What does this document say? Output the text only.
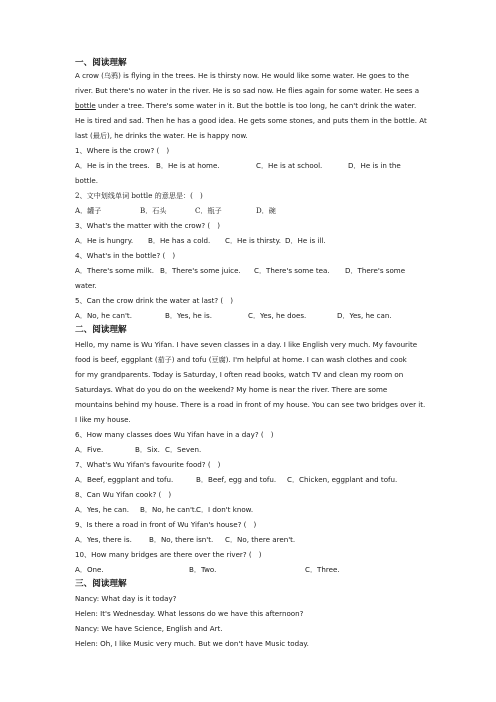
一、阅读理解
A crow (乌鸦) is flying in the trees. He is thirsty now. He would like some water. He goes to the
river. But there's no water in the river. He is so sad now. He flies again for some water. He sees a
bottle under a tree. There's some water in it. But the bottle is too long, he can't drink the water.
He is tired and sad. Then he has a good idea. He gets some stones, and puts them in the bottle. At
last (最后), he drinks the water. He is happy now.
1、Where is the crow? (　)
A．He is in the trees. B．He is at home.	C．He is at school.	D．He is in the
bottle.
2、文中划线单词 bottle 的意思是：(　)
A．罐子	B．石头	C．瓶子	D．碗
3、What's the matter with the crow? (　)
A．He is hungry. B．He has a cold. C．He is thirsty. D．He is ill.
4、What's in the bottle? (　)
A．There's some milk. B．There's some juice. C．There's some tea. D．There's some
water.
5、Can the crow drink the water at last? (　)
A．No, he can't.	B．Yes, he is.	C．Yes, he does.	D．Yes, he can.
二、阅读理解
Hello, my name is Wu Yifan. I have seven classes in a day. I like English very much. My favourite
food is beef, eggplant (茄子) and tofu (豆腐). I'm helpful at home. I can wash clothes and cook
for my grandparents. Today is Saturday, I often read books, watch TV and clean my room on
Saturdays. What do you do on the weekend? My home is near the river. There are some
mountains behind my house. There is a road in front of my house. You can see two bridges over it.
I like my house.
6、How many classes does Wu Yifan have in a day? (　)
A．Five.	B．Six. C．Seven.
7、What's Wu Yifan's favourite food? (　)
A．Beef, eggplant and tofu.	B．Beef, egg and tofu. C．Chicken, eggplant and tofu.
8、Can Wu Yifan cook? (　)
A．Yes, he can. B．No, he can't. C．I don't know.
9、Is there a road in front of Wu Yifan's house? (　)
A．Yes, there is. B．No, there isn't. C．No, there aren't.
10、How many bridges are there over the river? (　)
A．One.	B．Two.	C．Three.
三、阅读理解
Nancy: What day is it today?
Helen: It's Wednesday. What lessons do we have this afternoon?
Nancy: We have Science, English and Art.
Helen: Oh, I like Music very much. But we don't have Music today.
